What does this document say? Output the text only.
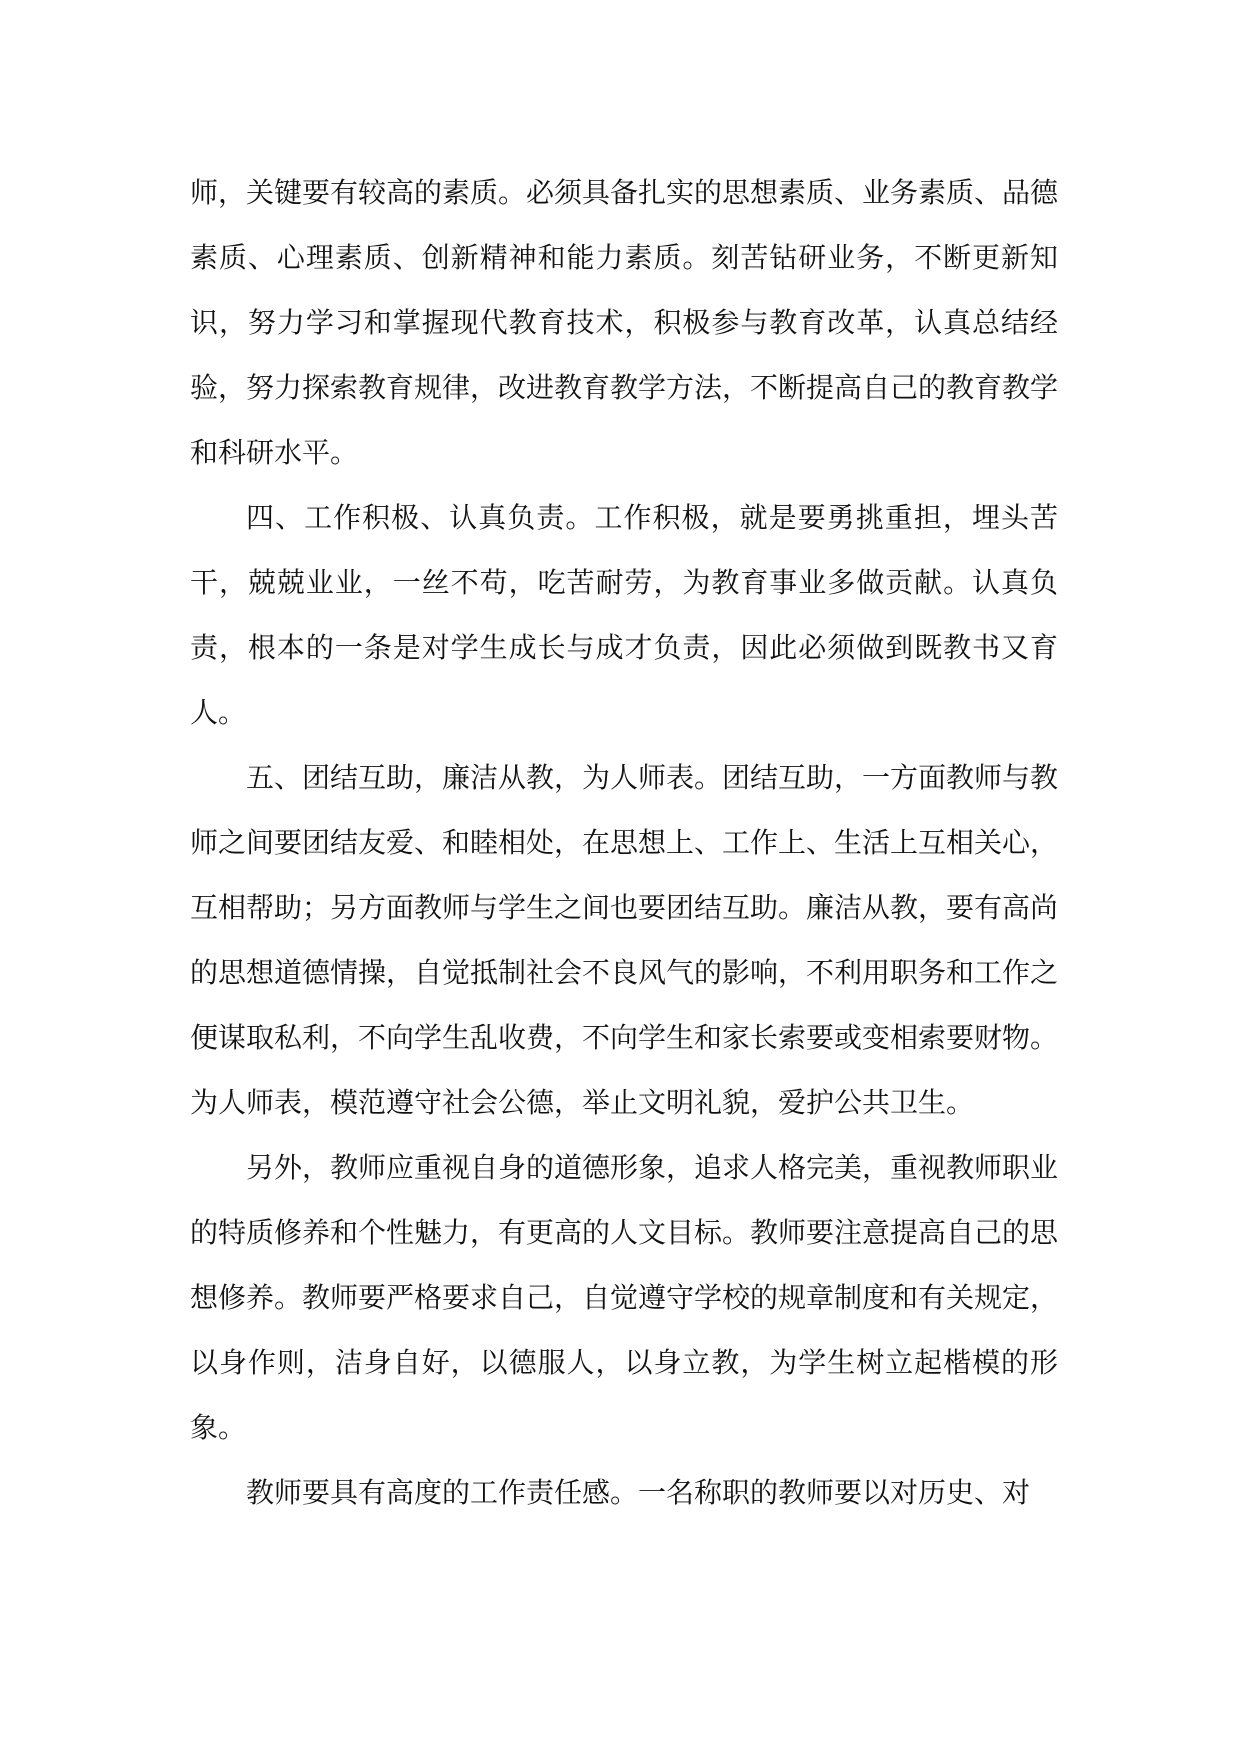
师，关键要有较高的素质。必须具备扎实的思想素质、业务素质、品德素质、心理素质、创新精神和能力素质。刻苦钻研业务，不断更新知识，努力学习和掌握现代教育技术，积极参与教育改革，认真总结经验，努力探索教育规律，改进教育教学方法，不断提高自己的教育教学和科研水平。

四、工作积极、认真负责。工作积极，就是要勇挑重担，埋头苦干，兢兢业业，一丝不苟，吃苦耐劳，为教育事业多做贡献。认真负责，根本的一条是对学生成长与成才负责，因此必须做到既教书又育人。

五、团结互助，廉洁从教，为人师表。团结互助，一方面教师与教师之间要团结友爱、和睦相处，在思想上、工作上、生活上互相关心，互相帮助；另方面教师与学生之间也要团结互助。廉洁从教，要有高尚的思想道德情操，自觉抵制社会不良风气的影响，不利用职务和工作之便谋取私利，不向学生乱收费，不向学生和家长索要或变相索要财物。为人师表，模范遵守社会公德，举止文明礼貌，爱护公共卫生。

另外，教师应重视自身的道德形象，追求人格完美，重视教师职业的特质修养和个性魅力，有更高的人文目标。教师要注意提高自己的思想修养。教师要严格要求自己，自觉遵守学校的规章制度和有关规定，以身作则，洁身自好，以德服人，以身立教，为学生树立起楷模的形象。

教师要具有高度的工作责任感。一名称职的教师要以对历史、对
